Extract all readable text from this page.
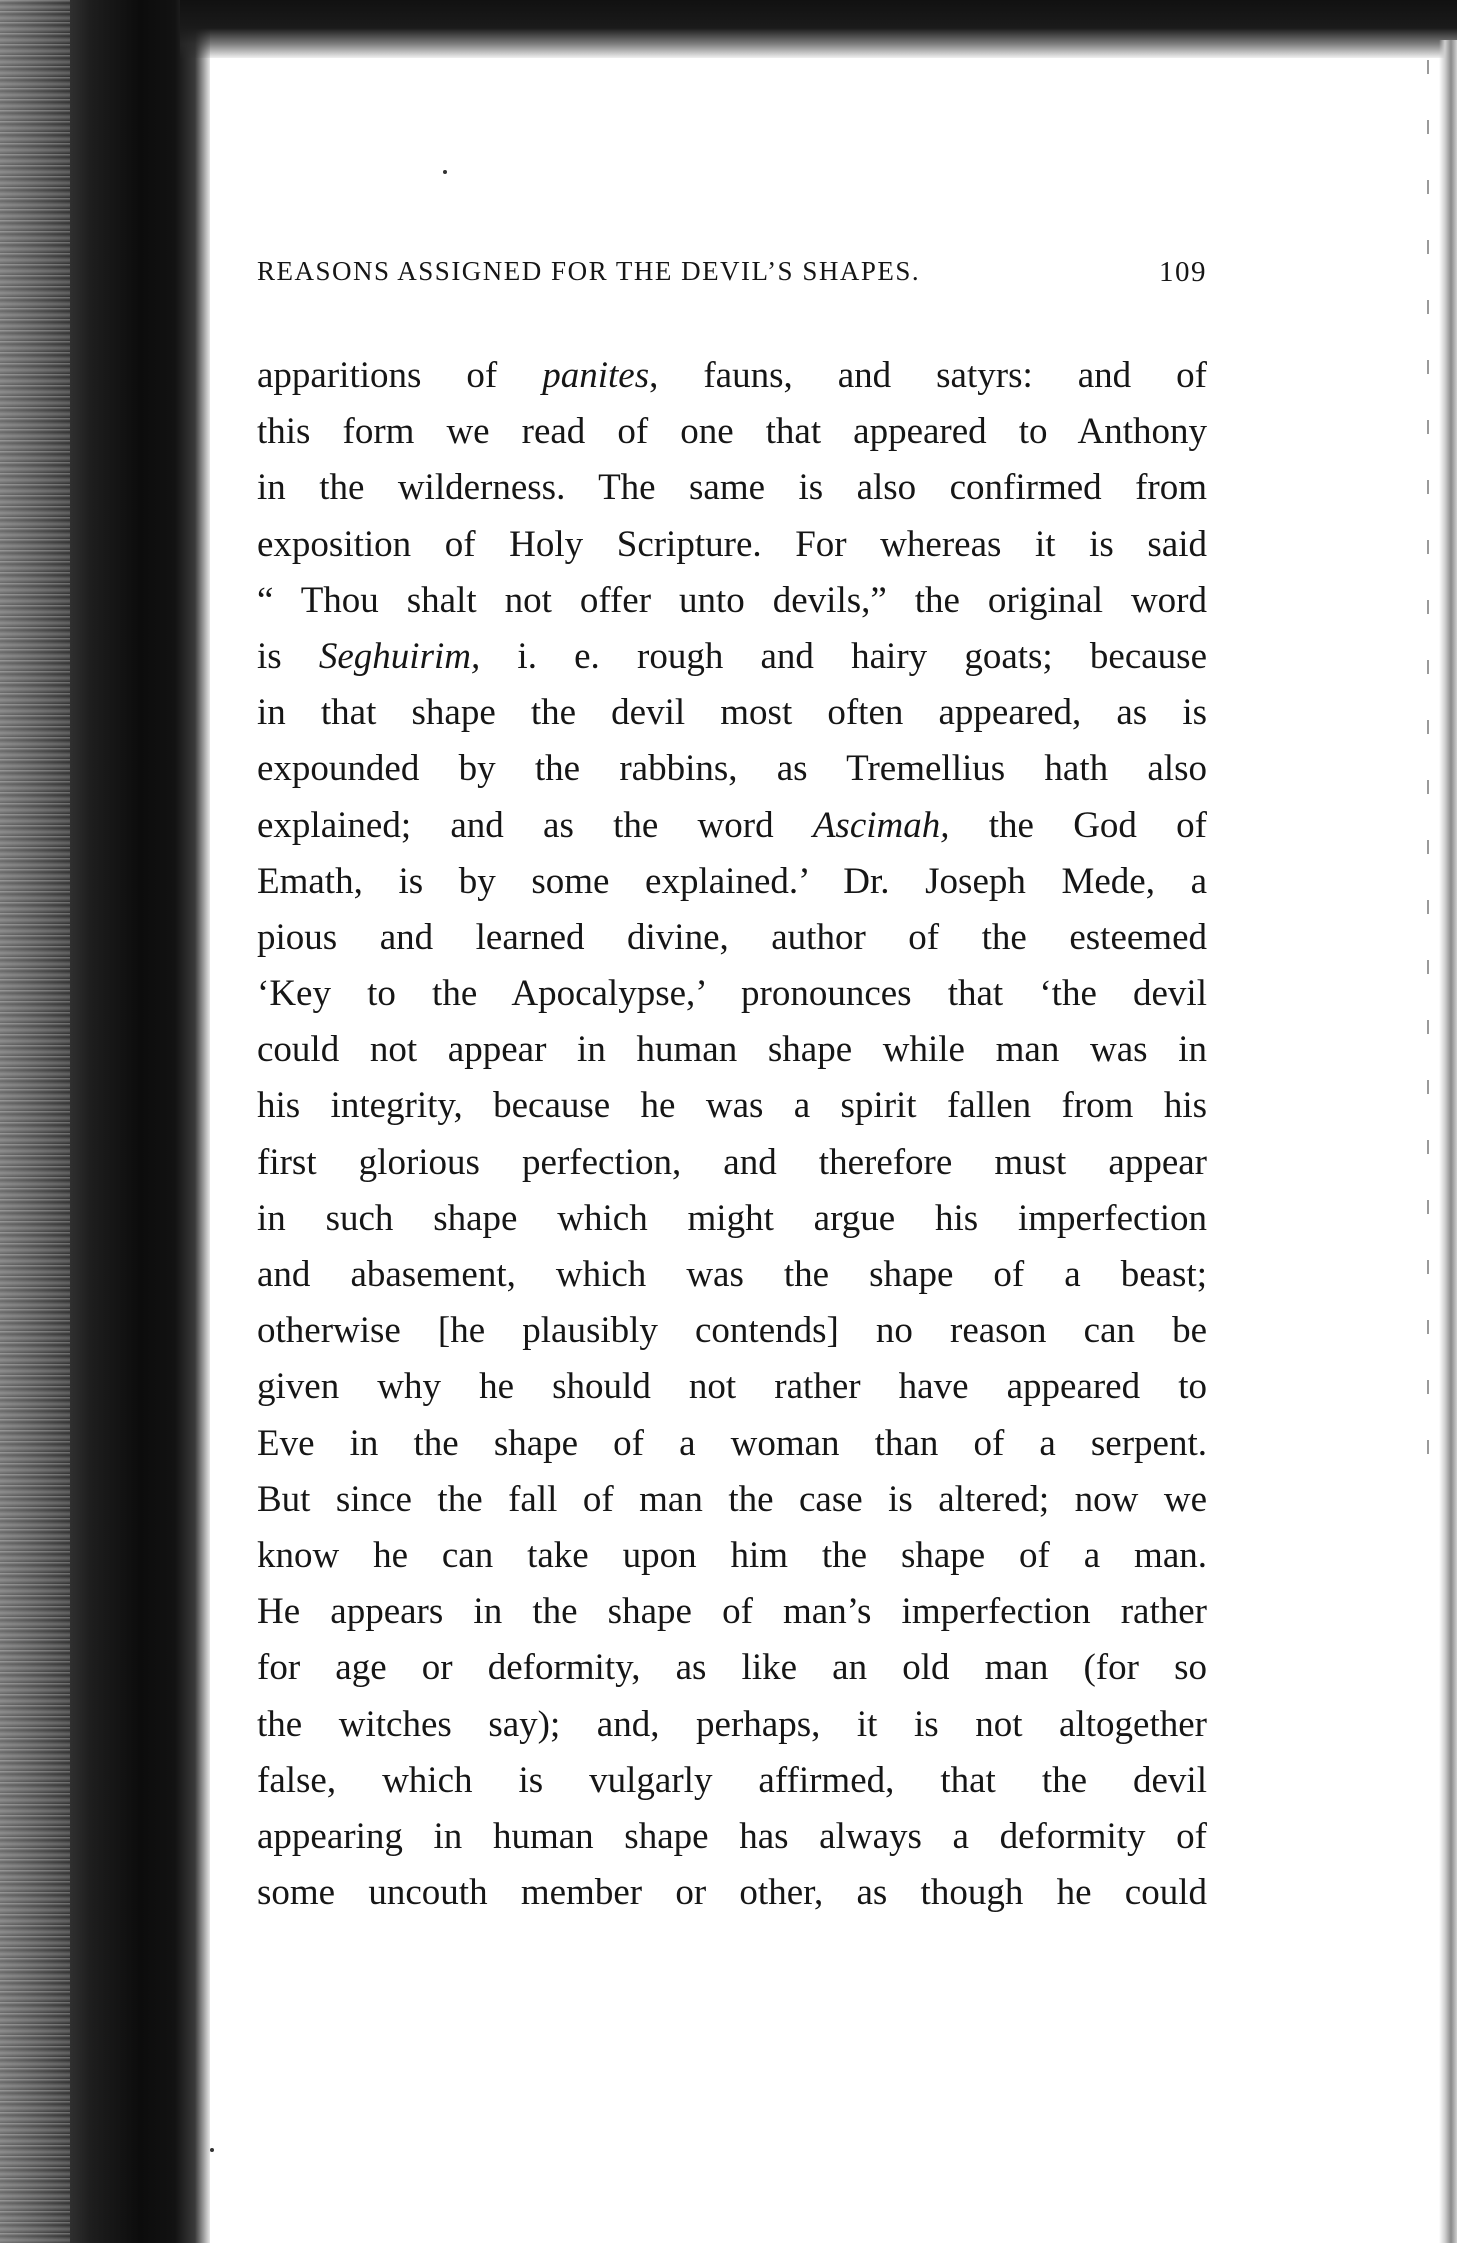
REASONS ASSIGNED FOR THE DEVIL’S SHAPES.	109
apparitions of panites, fauns, and satyrs: and of
this form we read of one that appeared to Anthony
in the wilderness. The same is also confirmed from
exposition of Holy Scripture. For whereas it is said
“ Thou shalt not offer unto devils,” the original word
is Seghuirim, i. e. rough and hairy goats; because
in that shape the devil most often appeared, as is
expounded by the rabbins, as Tremellius hath also
explained; and as the word Ascimah, the God of
Emath, is by some explained.’ Dr. Joseph Mede, a
pious and learned divine, author of the esteemed
‘Key to the Apocalypse,’ pronounces that ‘the devil
could not appear in human shape while man was in
his integrity, because he was a spirit fallen from his
first glorious perfection, and therefore must appear
in such shape which might argue his imperfection
and abasement, which was the shape of a beast;
otherwise [he plausibly contends] no reason can be
given why he should not rather have appeared to
Eve in the shape of a woman than of a serpent.
But since the fall of man the case is altered; now we
know he can take upon him the shape of a man.
He appears in the shape of man’s imperfection rather
for age or deformity, as like an old man (for so
the witches say); and, perhaps, it is not altogether
false, which is vulgarly affirmed, that the devil
appearing in human shape has always a deformity of
some uncouth member or other, as though he could
